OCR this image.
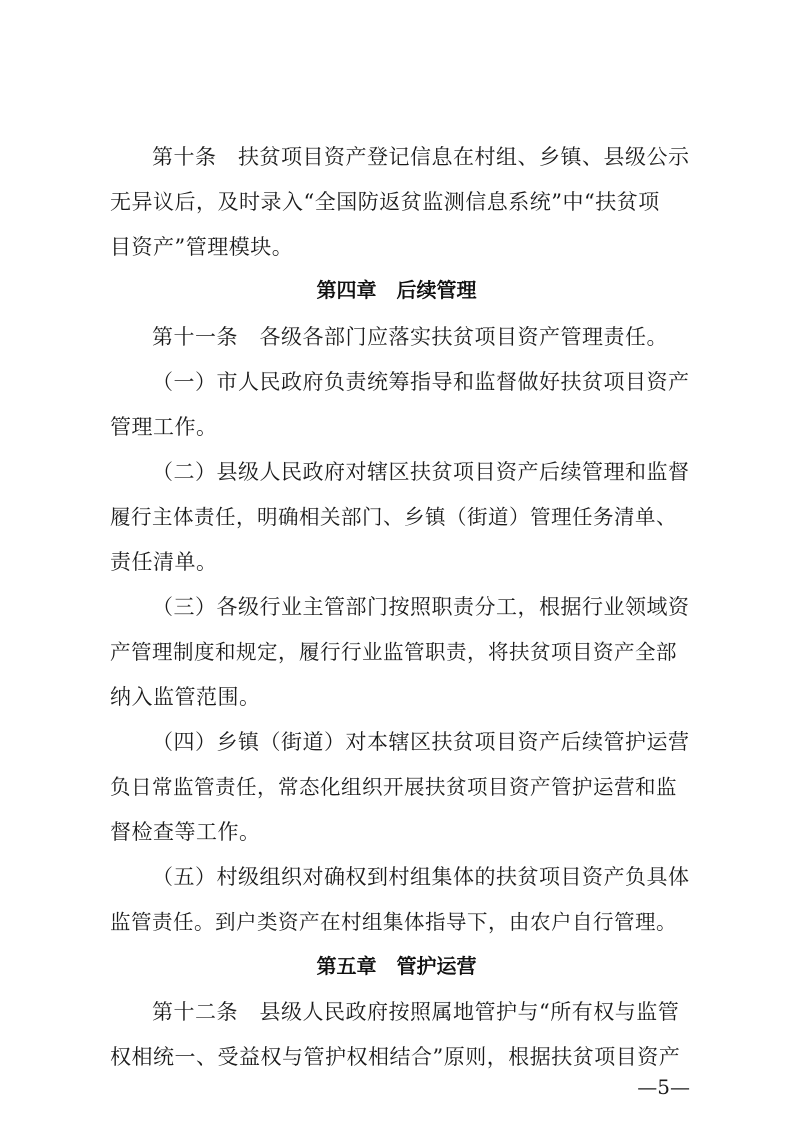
第十条　扶贫项目资产登记信息在村组、乡镇、县级公示
无异议后，及时录入“全国防返贫监测信息系统”中“扶贫项
目资产”管理模块。
第四章　后续管理
第十一条　各级各部门应落实扶贫项目资产管理责任。
（一）市人民政府负责统筹指导和监督做好扶贫项目资产
管理工作。
（二）县级人民政府对辖区扶贫项目资产后续管理和监督
履行主体责任，明确相关部门、乡镇（街道）管理任务清单、
责任清单。
（三）各级行业主管部门按照职责分工，根据行业领域资
产管理制度和规定，履行行业监管职责，将扶贫项目资产全部
纳入监管范围。
（四）乡镇（街道）对本辖区扶贫项目资产后续管护运营
负日常监管责任，常态化组织开展扶贫项目资产管护运营和监
督检查等工作。
（五）村级组织对确权到村组集体的扶贫项目资产负具体
监管责任。到户类资产在村组集体指导下，由农户自行管理。
第五章　管护运营
第十二条　县级人民政府按照属地管护与“所有权与监管
权相统一、受益权与管护权相结合”原则，根据扶贫项目资产
—5—
